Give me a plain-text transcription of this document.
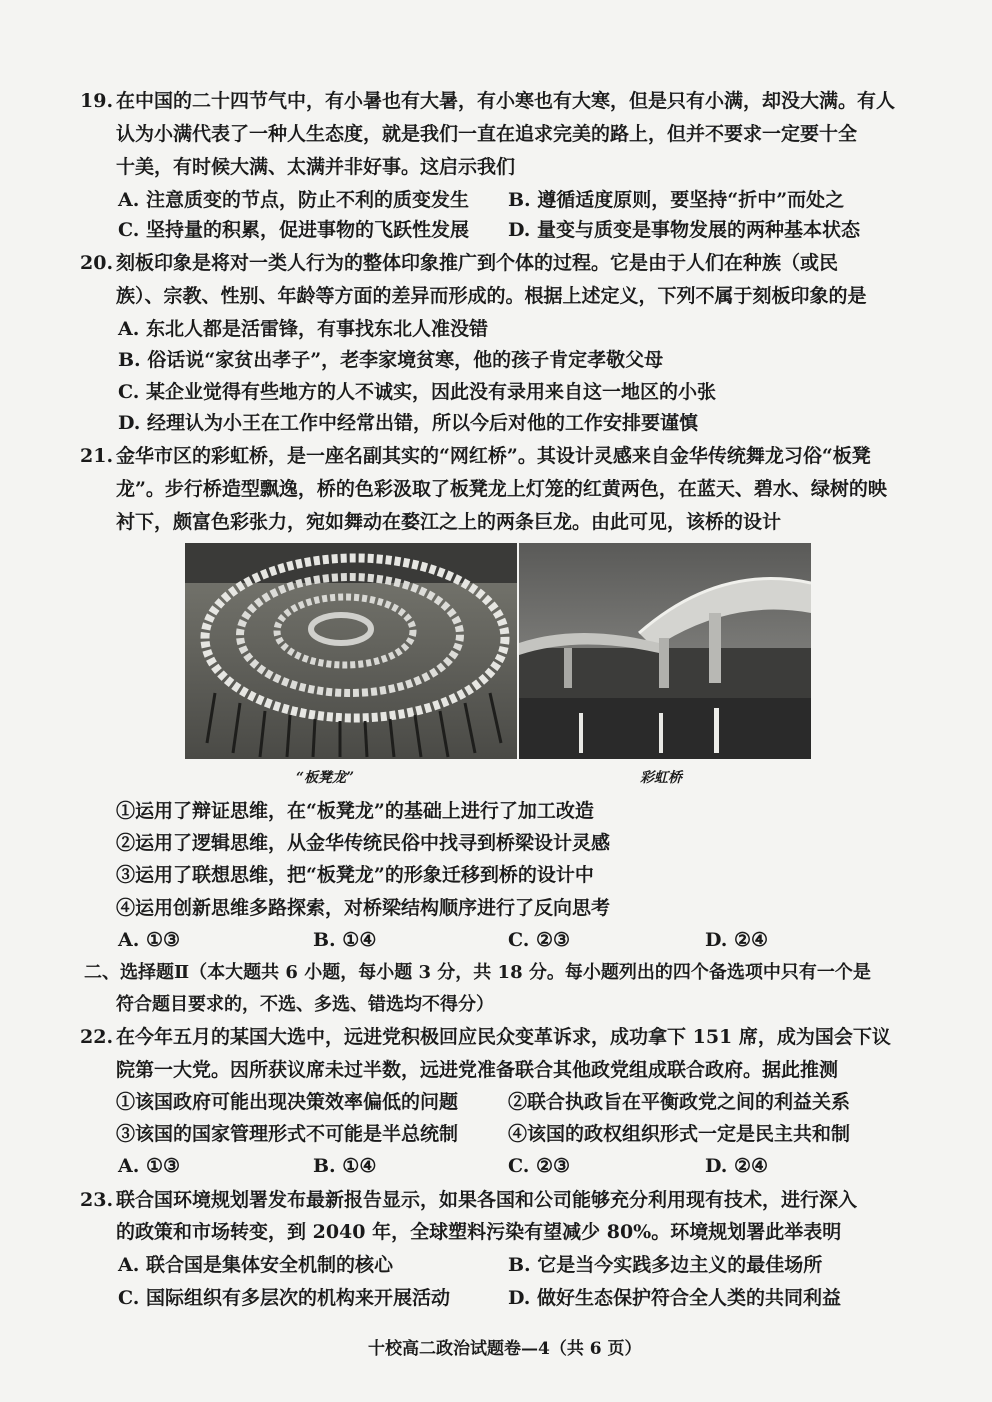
19. 在中国的二十四节气中，有小暑也有大暑，有小寒也有大寒，但是只有小满，却没大满。有人
认为小满代表了一种人生态度，就是我们一直在追求完美的路上，但并不要求一定要十全
十美，有时候大满、太满并非好事。这启示我们
A. 注意质变的节点，防止不利的质变发生 B. 遵循适度原则，要坚持“折中”而处之
C. 坚持量的积累，促进事物的飞跃性发展 D. 量变与质变是事物发展的两种基本状态
20. 刻板印象是将对一类人行为的整体印象推广到个体的过程。它是由于人们在种族（或民
族）、宗教、性别、年龄等方面的差异而形成的。根据上述定义，下列不属于刻板印象的是
A. 东北人都是活雷锋，有事找东北人准没错
B. 俗话说“家贫出孝子”，老李家境贫寒，他的孩子肯定孝敬父母
C. 某企业觉得有些地方的人不诚实，因此没有录用来自这一地区的小张
D. 经理认为小王在工作中经常出错，所以今后对他的工作安排要谨慎
21. 金华市区的彩虹桥，是一座名副其实的“网红桥”。其设计灵感来自金华传统舞龙习俗“板凳
龙”。步行桥造型飘逸，桥的色彩汲取了板凳龙上灯笼的红黄两色，在蓝天、碧水、绿树的映
衬下，颇富色彩张力，宛如舞动在婺江之上的两条巨龙。由此可见，该桥的设计
“板凳龙”	彩虹桥
①运用了辩证思维，在“板凳龙”的基础上进行了加工改造
②运用了逻辑思维，从金华传统民俗中找寻到桥梁设计灵感
③运用了联想思维，把“板凳龙”的形象迁移到桥的设计中
④运用创新思维多路探索，对桥梁结构顺序进行了反向思考
A. ①③	B. ①④	C. ②③	D. ②④
二、选择题Ⅱ（本大题共 6 小题，每小题 3 分，共 18 分。每小题列出的四个备选项中只有一个是
符合题目要求的，不选、多选、错选均不得分）
22. 在今年五月的某国大选中，远进党积极回应民众变革诉求，成功拿下 151 席，成为国会下议
院第一大党。因所获议席未过半数，远进党准备联合其他政党组成联合政府。据此推测
①该国政府可能出现决策效率偏低的问题	②联合执政旨在平衡政党之间的利益关系
③该国的国家管理形式不可能是半总统制	④该国的政权组织形式一定是民主共和制
A. ①③	B. ①④	C. ②③	D. ②④
23. 联合国环境规划署发布最新报告显示，如果各国和公司能够充分利用现有技术，进行深入
的政策和市场转变，到 2040 年，全球塑料污染有望减少 80%。环境规划署此举表明
A. 联合国是集体安全机制的核心	B. 它是当今实践多边主义的最佳场所
C. 国际组织有多层次的机构来开展活动	D. 做好生态保护符合全人类的共同利益
十校高二政治试题卷—4（共 6 页）
